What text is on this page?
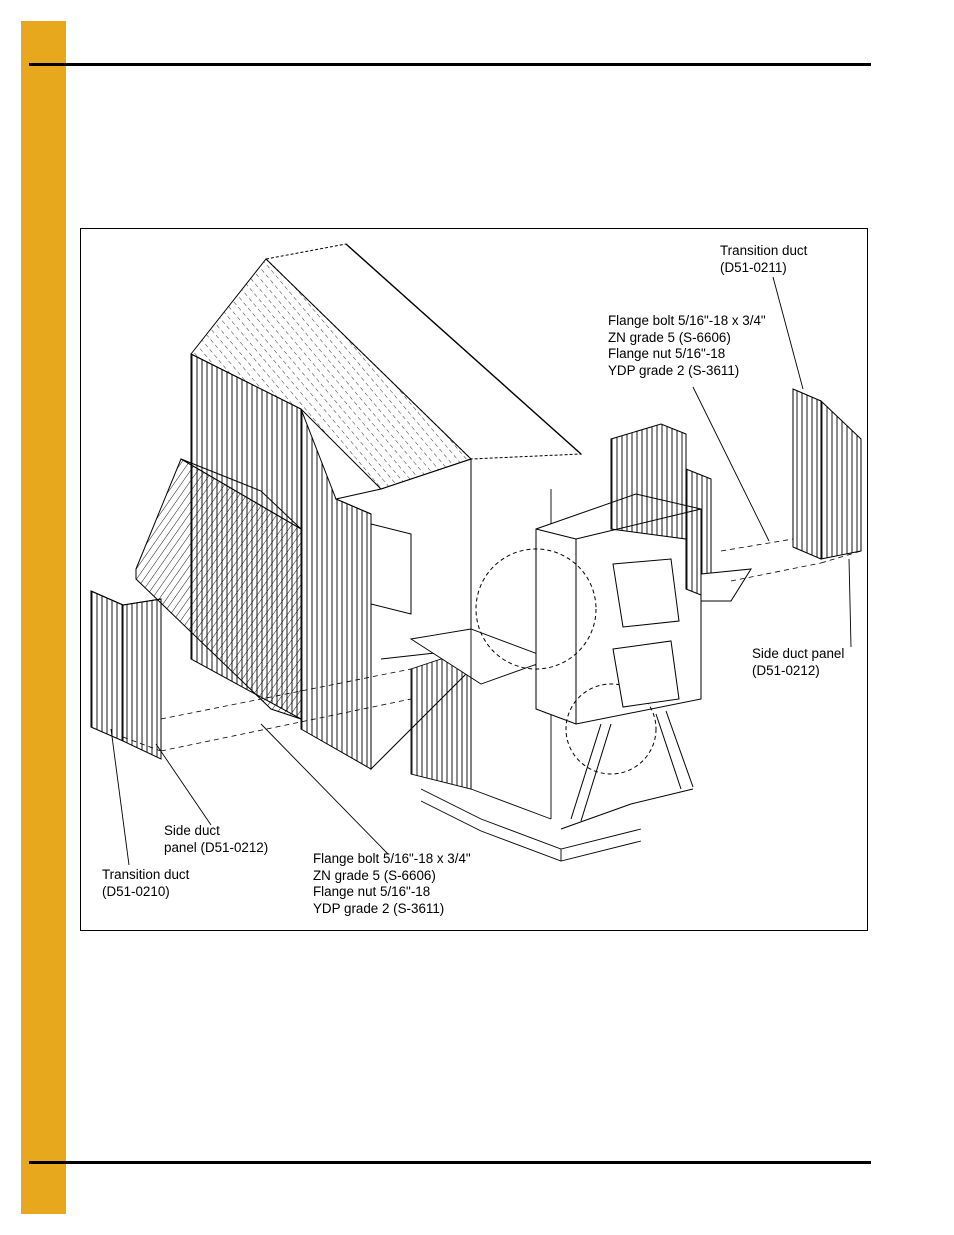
Transition duct
(D51-0211)
Flange bolt 5/16"-18 x 3/4"
ZN grade 5 (S-6606)
Flange nut 5/16"-18
YDP grade 2 (S-3611)
Side duct panel
(D51-0212)
Side duct
panel (D51-0212)
Transition duct
(D51-0210)
Flange bolt 5/16"-18 x 3/4"
ZN grade 5 (S-6606)
Flange nut 5/16"-18
YDP grade 2 (S-3611)
